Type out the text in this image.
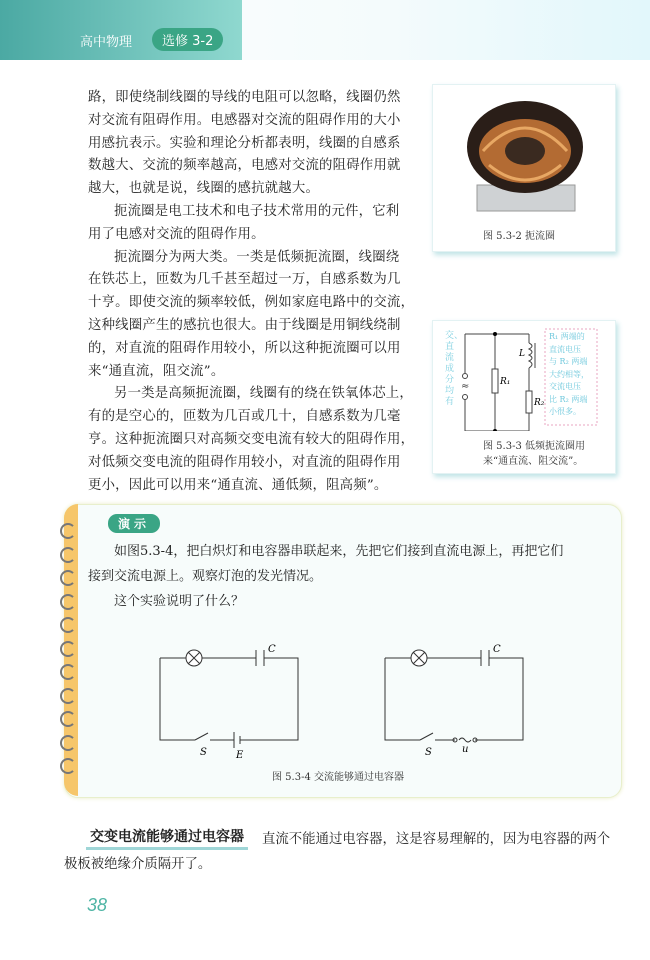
高中物理	选修 3-2
图 5.3-2 扼流圈
≈
L
R₁
R₂
交、直流成分均有
R₁ 两端的
直流电压
与 R₂ 两端
大约相等，
交流电压
比 R₂ 两端
小很多。
图 5.3-3 低频扼流圈用
来“通直流、阻交流”。
演示
如图5.3-4，把白炽灯和电容器串联起来，先把它们接到直流电源上，再把它们
接到交流电源上。观察灯泡的发光情况。
这个实验说明了什么？
C
S	E
C
S	u
图 5.3-4 交流能够通过电容器
交变电流能够通过电容器 直流不能通过电容器，这是容易理解的，因为电容器的两个
极板被绝缘介质隔开了。
38
路，即使绕制线圈的导线的电阻可以忽略，线圈仍然
对交流有阻碍作用。电感器对交流的阻碍作用的大小
用感抗表示。实验和理论分析都表明，线圈的自感系
数越大、交流的频率越高，电感对交流的阻碍作用就
越大，也就是说，线圈的感抗就越大。
扼流圈是电工技术和电子技术常用的元件，它利
用了电感对交流的阻碍作用。
扼流圈分为两大类。一类是低频扼流圈，线圈绕
在铁芯上，匝数为几千甚至超过一万，自感系数为几
十亨。即使交流的频率较低，例如家庭电路中的交流，
这种线圈产生的感抗也很大。由于线圈是用铜线绕制
的，对直流的阻碍作用较小，所以这种扼流圈可以用
来“通直流，阻交流”。
另一类是高频扼流圈，线圈有的绕在铁氧体芯上，
有的是空心的，匝数为几百或几十，自感系数为几毫
亨。这种扼流圈只对高频交变电流有较大的阻碍作用，
对低频交变电流的阻碍作用较小，对直流的阻碍作用
更小，因此可以用来“通直流、通低频，阻高频”。
